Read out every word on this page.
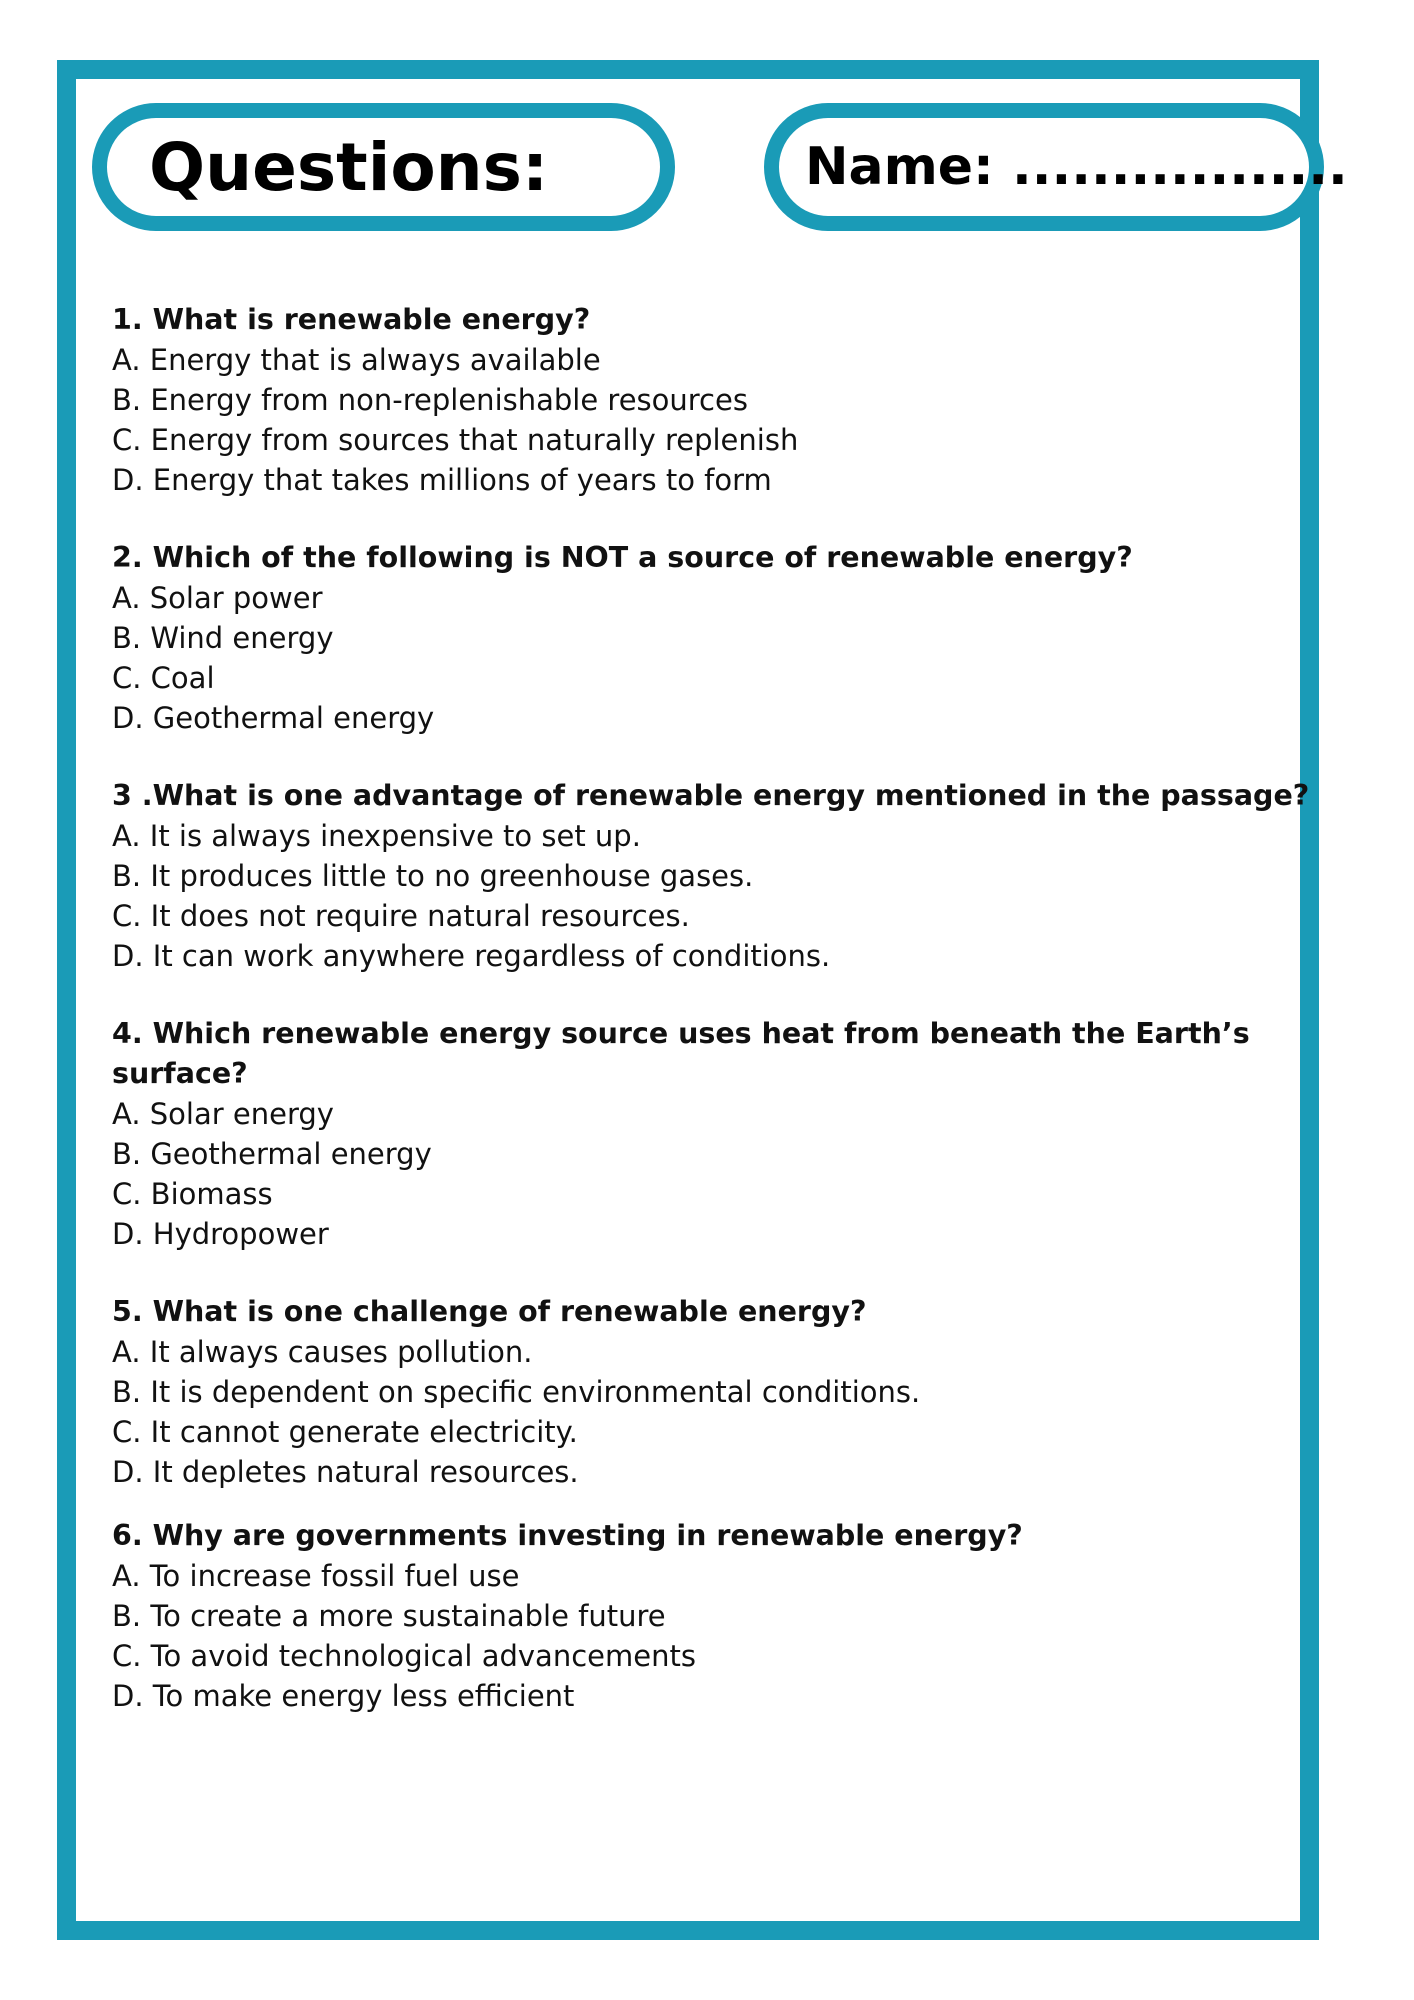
Questions:	Name: .................
1. What is renewable energy?
A. Energy that is always available
B. Energy from non-replenishable resources
C. Energy from sources that naturally replenish
D. Energy that takes millions of years to form
2. Which of the following is NOT a source of renewable energy?
A. Solar power
B. Wind energy
C. Coal
D. Geothermal energy
3 .What is one advantage of renewable energy mentioned in the passage?
A. It is always inexpensive to set up.
B. It produces little to no greenhouse gases.
C. It does not require natural resources.
D. It can work anywhere regardless of conditions.
4. Which renewable energy source uses heat from beneath the Earth’s surface?
A. Solar energy
B. Geothermal energy
C. Biomass
D. Hydropower
5. What is one challenge of renewable energy?
A. It always causes pollution.
B. It is dependent on specific environmental conditions.
C. It cannot generate electricity.
D. It depletes natural resources.
6. Why are governments investing in renewable energy?
A. To increase fossil fuel use
B. To create a more sustainable future
C. To avoid technological advancements
D. To make energy less efficient
